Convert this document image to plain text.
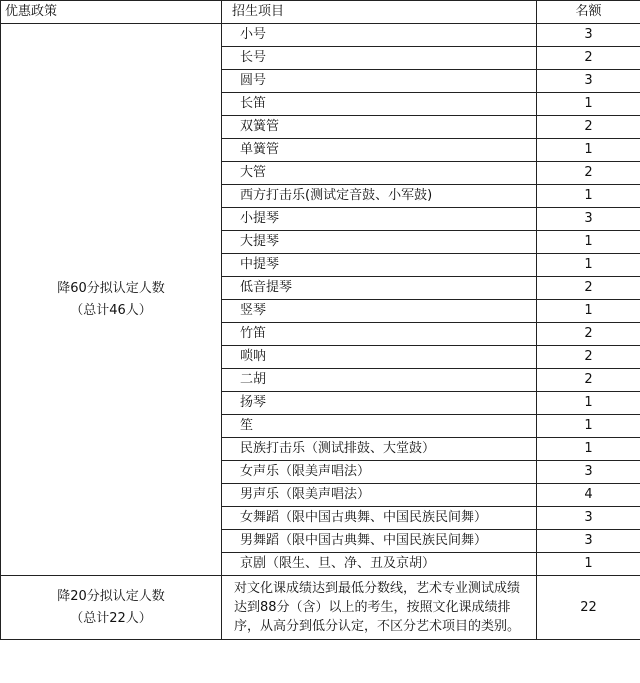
优惠政策	招生项目	名额

降60分拟认定人数
（总计46人）	小号	3
	长号	2
	圆号	3
	长笛	1
	双簧管	2
	单簧管	1
	大管	2
	西方打击乐(测试定音鼓、小军鼓)	1
	小提琴	3
	大提琴	1
	中提琴	1
	低音提琴	2
	竖琴	1
	竹笛	2
	唢呐	2
	二胡	2
	扬琴	1
	笙	1
	民族打击乐（测试排鼓、大堂鼓）	1
	女声乐（限美声唱法）	3
	男声乐（限美声唱法）	4
	女舞蹈（限中国古典舞、中国民族民间舞）	3
	男舞蹈（限中国古典舞、中国民族民间舞）	3
	京剧（限生、旦、净、丑及京胡）	1

降20分拟认定人数
（总计22人）	对文化课成绩达到最低分数线，艺术专业测试成绩达到88分（含）以上的考生，按照文化课成绩排序，从高分到低分认定，不区分艺术项目的类别。	22
